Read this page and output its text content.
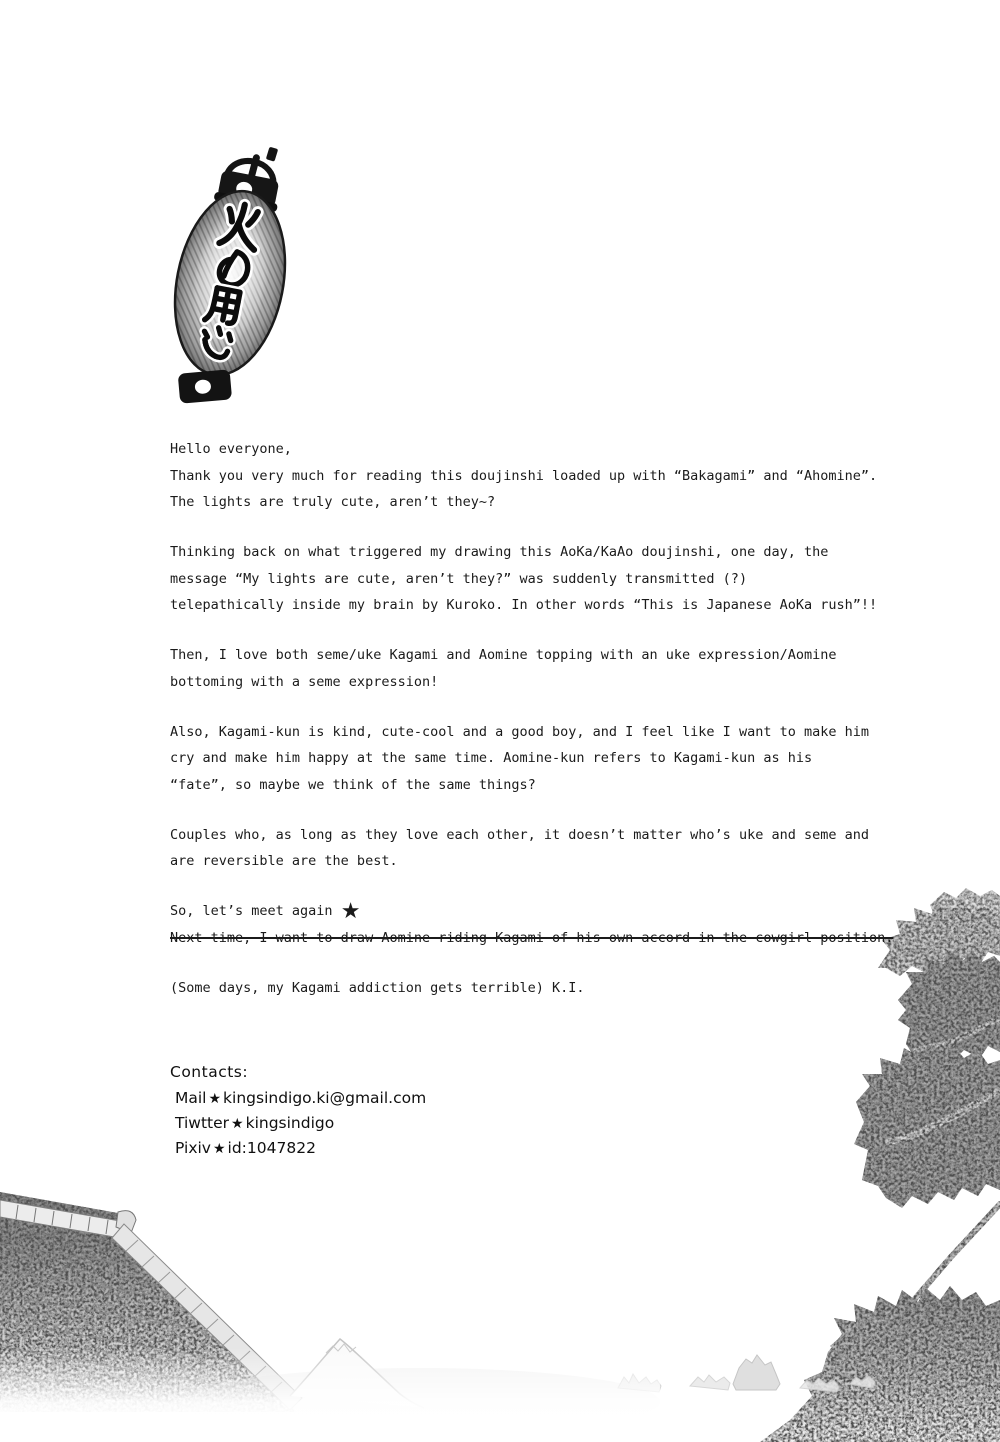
Hello everyone,
Thank you very much for reading this doujinshi loaded up with “Bakagami” and “Ahomine”.
The lights are truly cute, aren’t they~?
Thinking back on what triggered my drawing this AoKa/KaAo doujinshi, one day, the
message “My lights are cute, aren’t they?” was suddenly transmitted (?)
telepathically inside my brain by Kuroko. In other words “This is Japanese AoKa rush”!!
Then, I love both seme/uke Kagami and Aomine topping with an uke expression/Aomine
bottoming with a seme expression!
Also, Kagami-kun is kind, cute-cool and a good boy, and I feel like I want to make him
cry and make him happy at the same time. Aomine-kun refers to Kagami-kun as his
“fate”, so maybe we think of the same things?
Couples who, as long as they love each other, it doesn’t matter who’s uke and seme and
are reversible are the best.
So, let’s meet again ★
Next time, I want to draw Aomine riding Kagami of his own accord in the cowgirl position.
(Some days, my Kagami addiction gets terrible) K.I.
Contacts:
Mail ★ kingsindigo.ki@gmail.com
Tiwtter ★ kingsindigo
Pixiv ★ id:1047822
